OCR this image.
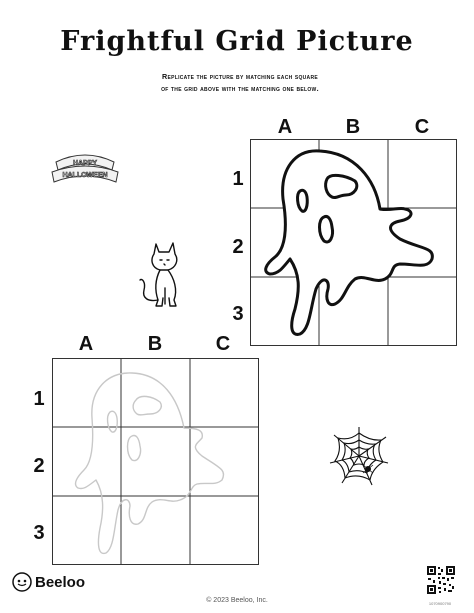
Frightful Grid Picture
Replicate the picture by matching each square
of the grid above with the matching one below.
A	B	C
1
2
3
HAPPY
HALLOWEEN
A	B	C
1
2
3
Beeloo
© 2023 Beeloo, Inc.	1070900790
